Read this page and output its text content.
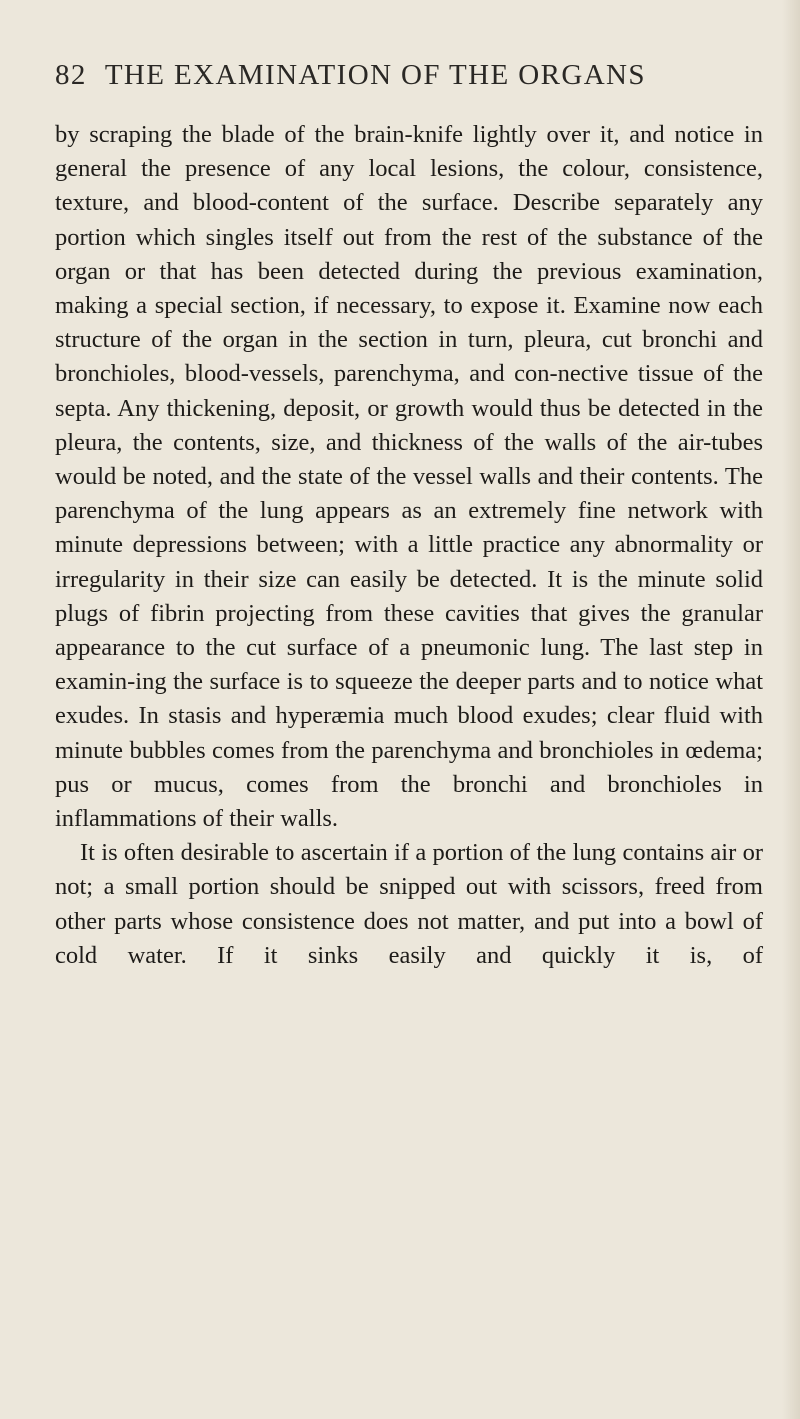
82 THE EXAMINATION OF THE ORGANS

by scraping the blade of the brain-knife lightly over it, and notice in general the presence of any local lesions, the colour, consistence, texture, and blood-content of the surface. Describe separately any portion which singles itself out from the rest of the substance of the organ or that has been detected during the previous examination, making a special section, if necessary, to expose it. Examine now each structure of the organ in the section in turn, pleura, cut bronchi and bronchioles, blood-vessels, parenchyma, and con-nective tissue of the septa. Any thickening, deposit, or growth would thus be detected in the pleura, the contents, size, and thickness of the walls of the air-tubes would be noted, and the state of the vessel walls and their contents. The parenchyma of the lung appears as an extremely fine network with minute depressions between; with a little practice any abnormality or irregularity in their size can easily be detected. It is the minute solid plugs of fibrin projecting from these cavities that gives the granular appearance to the cut surface of a pneumonic lung. The last step in examin-ing the surface is to squeeze the deeper parts and to notice what exudes. In stasis and hyperæmia much blood exudes; clear fluid with minute bubbles comes from the parenchyma and bronchioles in œdema; pus or mucus, comes from the bronchi and bronchioles in inflammations of their walls.

It is often desirable to ascertain if a portion of the lung contains air or not; a small portion should be snipped out with scissors, freed from other parts whose consistence does not matter, and put into a bowl of cold water. If it sinks easily and quickly it is, of
